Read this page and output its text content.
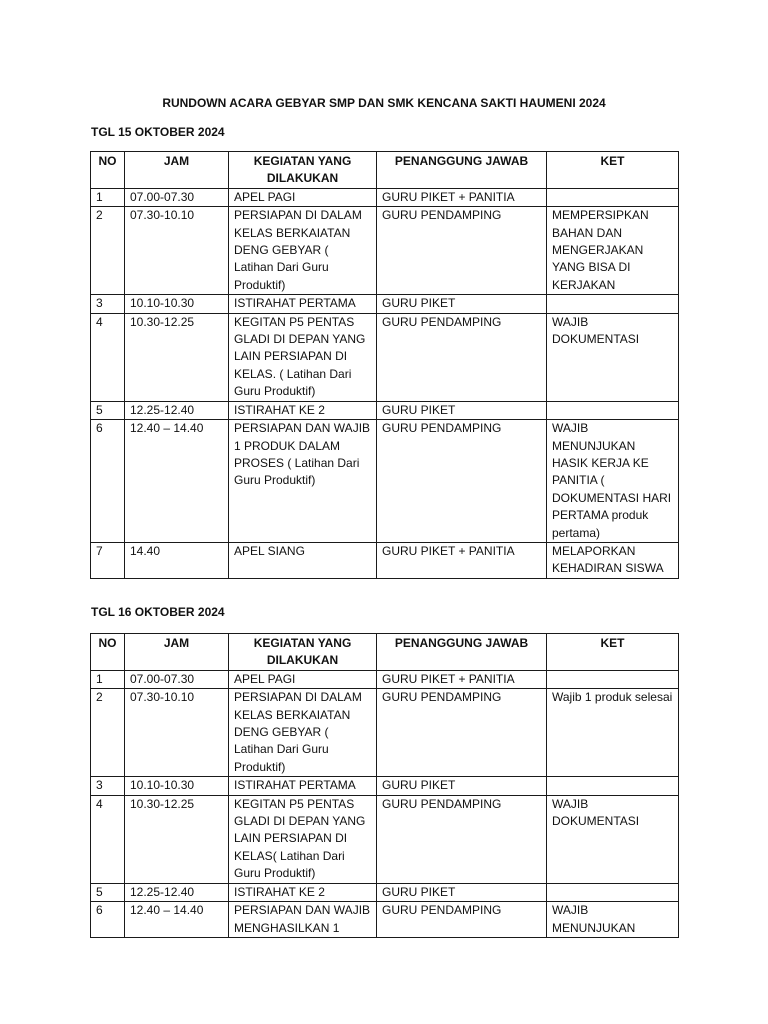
RUNDOWN ACARA GEBYAR SMP DAN SMK KENCANA SAKTI HAUMENI 2024
TGL 15 OKTOBER 2024
NO	JAM	KEGIATAN YANG DILAKUKAN	PENANGGUNG JAWAB	KET
1	07.00-07.30	APEL PAGI	GURU PIKET + PANITIA	
2	07.30-10.10	PERSIAPAN DI DALAM KELAS BERKAIATAN DENG GEBYAR ( Latihan Dari Guru Produktif)	GURU PENDAMPING	MEMPERSIPKAN BAHAN DAN MENGERJAKAN YANG BISA DI KERJAKAN
3	10.10-10.30	ISTIRAHAT PERTAMA	GURU PIKET	
4	10.30-12.25	KEGITAN P5 PENTAS GLADI DI DEPAN YANG LAIN PERSIAPAN DI KELAS. ( Latihan Dari Guru Produktif)	GURU PENDAMPING	WAJIB DOKUMENTASI
5	12.25-12.40	ISTIRAHAT KE 2	GURU PIKET	
6	12.40 – 14.40	PERSIAPAN DAN WAJIB 1 PRODUK DALAM PROSES ( Latihan Dari Guru Produktif)	GURU PENDAMPING	WAJIB MENUNJUKAN HASIK KERJA KE PANITIA ( DOKUMENTASI HARI PERTAMA produk pertama)
7	14.40	APEL SIANG	GURU PIKET + PANITIA	MELAPORKAN KEHADIRAN SISWA
TGL 16 OKTOBER 2024
NO	JAM	KEGIATAN YANG DILAKUKAN	PENANGGUNG JAWAB	KET
1	07.00-07.30	APEL PAGI	GURU PIKET + PANITIA	
2	07.30-10.10	PERSIAPAN DI DALAM KELAS BERKAIATAN DENG GEBYAR ( Latihan Dari Guru Produktif)	GURU PENDAMPING	Wajib 1 produk selesai
3	10.10-10.30	ISTIRAHAT PERTAMA	GURU PIKET	
4	10.30-12.25	KEGITAN P5 PENTAS GLADI DI DEPAN YANG LAIN PERSIAPAN DI KELAS( Latihan Dari Guru Produktif)	GURU PENDAMPING	WAJIB DOKUMENTASI
5	12.25-12.40	ISTIRAHAT KE 2	GURU PIKET	
6	12.40 – 14.40	PERSIAPAN DAN WAJIB MENGHASILKAN 1	GURU PENDAMPING	WAJIB MENUNJUKAN
